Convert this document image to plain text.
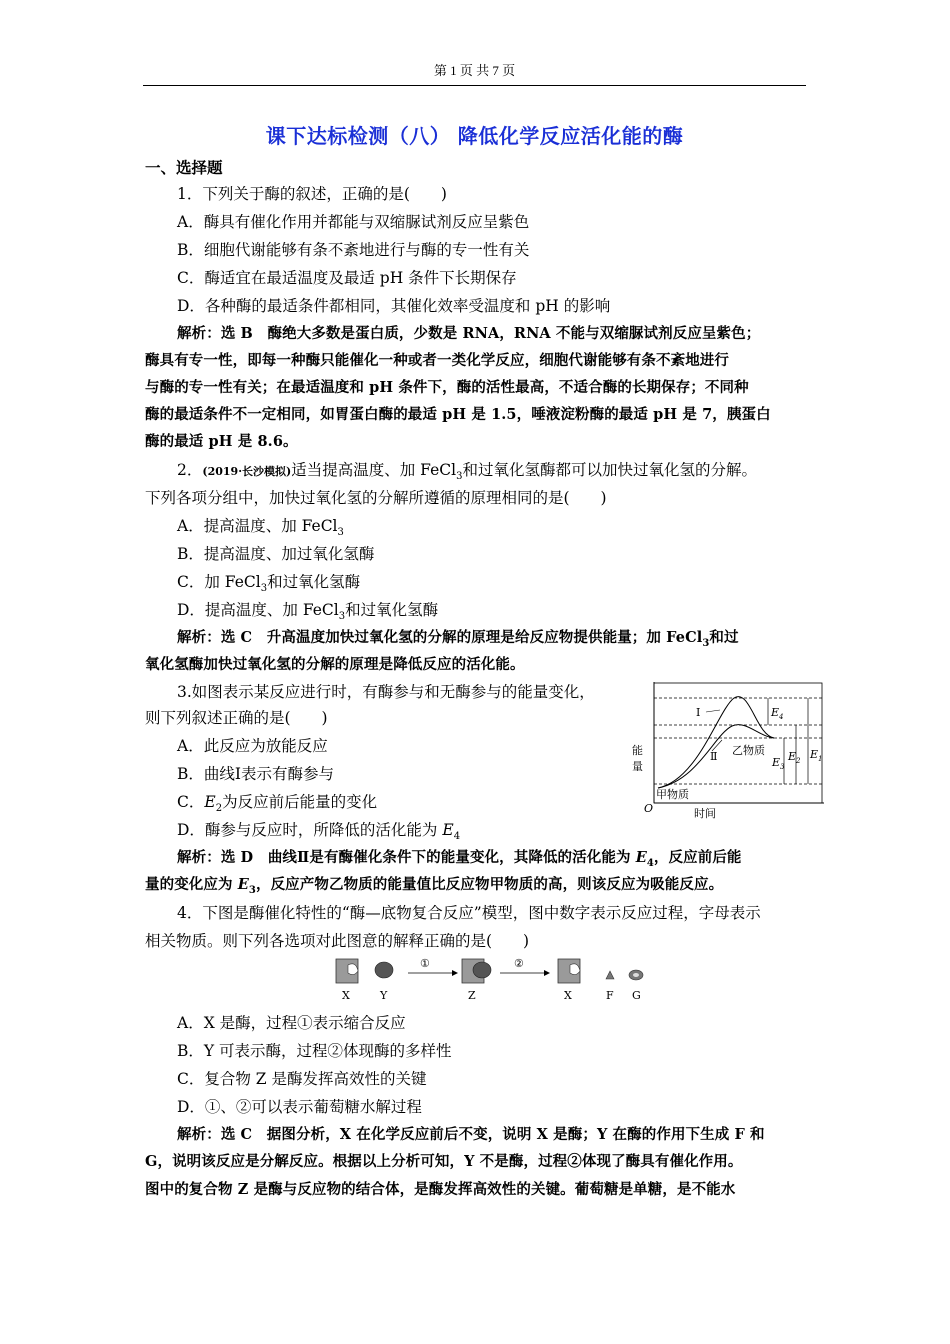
第 1 页 共 7 页
课下达标检测（八） 降低化学反应活化能的酶
一、选择题
1．下列关于酶的叙述，正确的是(　　)
A．酶具有催化作用并都能与双缩脲试剂反应呈紫色
B．细胞代谢能够有条不紊地进行与酶的专一性有关
C．酶适宜在最适温度及最适 pH 条件下长期保存
D．各种酶的最适条件都相同，其催化效率受温度和 pH 的影响
解析：选 B　酶绝大多数是蛋白质，少数是 RNA，RNA 不能与双缩脲试剂反应呈紫色；
酶具有专一性，即每一种酶只能催化一种或者一类化学反应，细胞代谢能够有条不紊地进行
与酶的专一性有关；在最适温度和 pH 条件下，酶的活性最高，不适合酶的长期保存；不同种
酶的最适条件不一定相同，如胃蛋白酶的最适 pH 是 1.5，唾液淀粉酶的最适 pH 是 7，胰蛋白
酶的最适 pH 是 8.6。
2．(2019·长沙模拟)适当提高温度、加 FeCl$_3$和过氧化氢酶都可以加快过氧化氢的分解。
下列各项分组中，加快过氧化氢的分解所遵循的原理相同的是(　　)
A．提高温度、加 FeCl$_3$
B．提高温度、加过氧化氢酶
C．加 FeCl$_3$和过氧化氢酶
D．提高温度、加 FeCl$_3$和过氧化氢酶
解析：选 C　升高温度加快过氧化氢的分解的原理是给反应物提供能量；加 FeCl$_3$和过
氧化氢酶加快过氧化氢的分解的原理是降低反应的活化能。
3.如图表示某反应进行时，有酶参与和无酶参与的能量变化，
则下列叙述正确的是(　　)
A．此反应为放能反应
B．曲线Ⅰ表示有酶参与
C．$E_2$为反应前后能量的变化
D．酶参与反应时，所降低的活化能为 $E_4$
解析：选 D　曲线Ⅱ是有酶催化条件下的能量变化，其降低的活化能为 $E_4$，反应前后能
量的变化应为 $E_3$，反应产物乙物质的能量值比反应物甲物质的高，则该反应为吸能反应。
能
量
O	时间
Ⅰ
Ⅱ 乙物质
甲物质
$E_4$
$E_3$
$E_2$ $E_1$
4．下图是酶催化特性的“酶—底物复合反应”模型，图中数字表示反应过程，字母表示
相关物质。则下列各选项对此图意的解释正确的是(　　)
X	Y
①
Z
②
X	F G
A．X 是酶，过程①表示缩合反应
B．Y 可表示酶，过程②体现酶的多样性
C．复合物 Z 是酶发挥高效性的关键
D．①、②可以表示葡萄糖水解过程
解析：选 C　据图分析，X 在化学反应前后不变，说明 X 是酶；Y 在酶的作用下生成 F 和
G，说明该反应是分解反应。根据以上分析可知，Y 不是酶，过程②体现了酶具有催化作用。
图中的复合物 Z 是酶与反应物的结合体，是酶发挥高效性的关键。葡萄糖是单糖，是不能水
